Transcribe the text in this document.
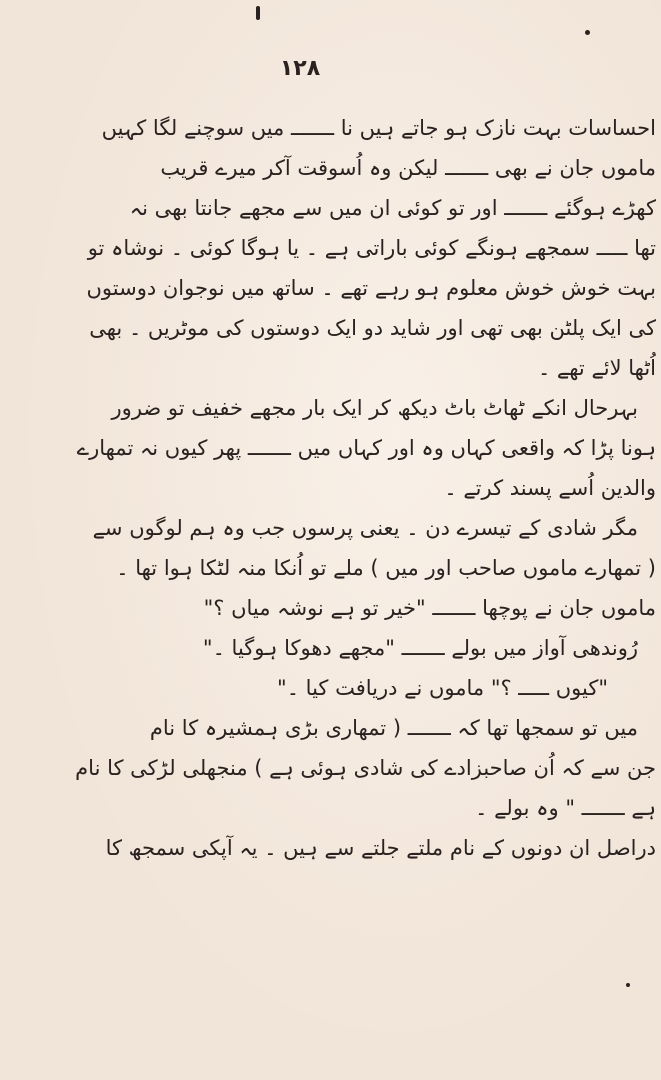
۱۲۸
احساسات بہت نازک ہو جاتے ہیں نا ـــــــ میں سوچنے لگا کہیں
ماموں جان نے بھی ـــــــ لیکن وہ اُسوقت آکر میرے قریب
کھڑے ہوگئے ـــــــ اور تو کوئی ان میں سے مجھے جانتا بھی نہ
تھا ـــــ سمجھے ہونگے کوئی باراتی ہے ۔ یا ہوگا کوئی ۔ نوشاہ تو
بہت خوش خوش معلوم ہو رہے تھے ۔ ساتھ میں نوجوان دوستوں
کی ایک پلٹن بھی تھی اور شاید دو ایک دوستوں کی موٹریں ۔ بھی
اُٹھا لائے تھے ۔
بہرحال انکے ٹھاٹ باٹ دیکھ کر ایک بار مجھے خفیف تو ضرور
ہونا پڑا کہ واقعی کہاں وہ اور کہاں میں ـــــــ پھر کیوں نہ تمھارے
والدین اُسے پسند کرتے ۔
مگر شادی کے تیسرے دن ۔ یعنی پرسوں جب وہ ہم لوگوں سے
( تمھارے ماموں صاحب اور میں ) ملے تو اُنکا منہ لٹکا ہوا تھا ۔
ماموں جان نے پوچھا ـــــــ "خیر تو ہے نوشہ میاں ؟"
رُوندھی آواز میں بولے ـــــــ "مجھے دھوکا ہوگیا ۔"
"کیوں ـــــ ؟" ماموں نے دریافت کیا ۔"
میں تو سمجھا تھا کہ ـــــــ ( تمھاری بڑی ہمشیرہ کا نام
جن سے کہ اُن صاحبزادے کی شادی ہوئی ہے ) منجھلی لڑکی کا نام
ہے ـــــــ " وہ بولے ۔
دراصل ان دونوں کے نام ملتے جلتے سے ہیں ۔ یہ آپکی سمجھ کا
